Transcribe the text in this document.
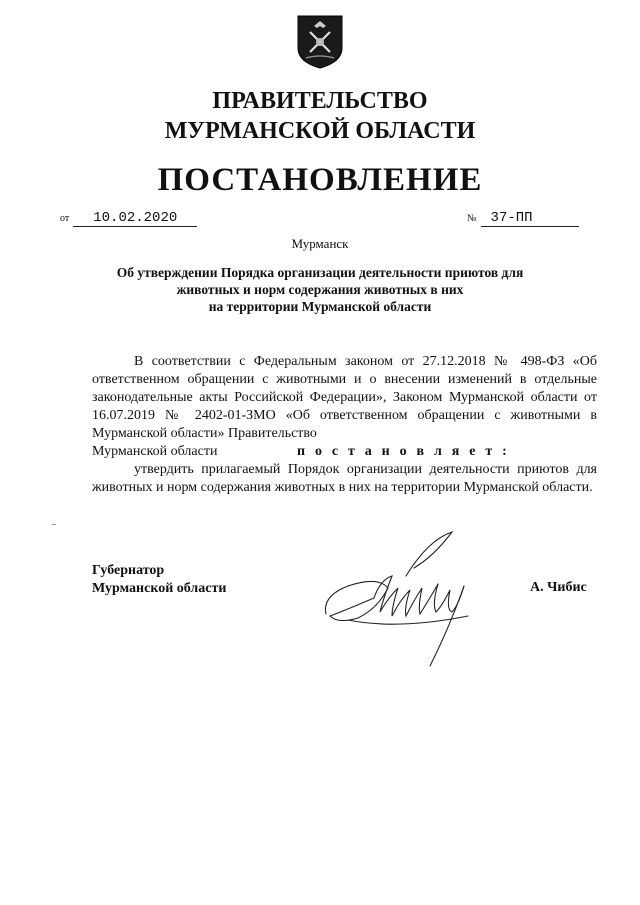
ПРАВИТЕЛЬСТВО
МУРМАНСКОЙ ОБЛАСТИ
ПОСТАНОВЛЕНИЕ
от 10.02.2020	№ 37-ПП
Мурманск
Об утверждении Порядка организации деятельности приютов для
животных и норм содержания животных в них
на территории Мурманской области
В соответствии с Федеральным законом от 27.12.2018 № 498-ФЗ «Об ответственном обращении с животными и о внесении изменений в отдельные законодательные акты Российской Федерации», Законом Мурманской области от 16.07.2019 № 2402-01-ЗМО «Об ответственном обращении с животными в Мурманской области» Правительство
Мурманской области	п о с т а н о в л я е т :
утвердить прилагаемый Порядок организации деятельности приютов для животных и норм содержания животных в них на территории Мурманской области.
Губернатор
Мурманской области	А. Чибис
